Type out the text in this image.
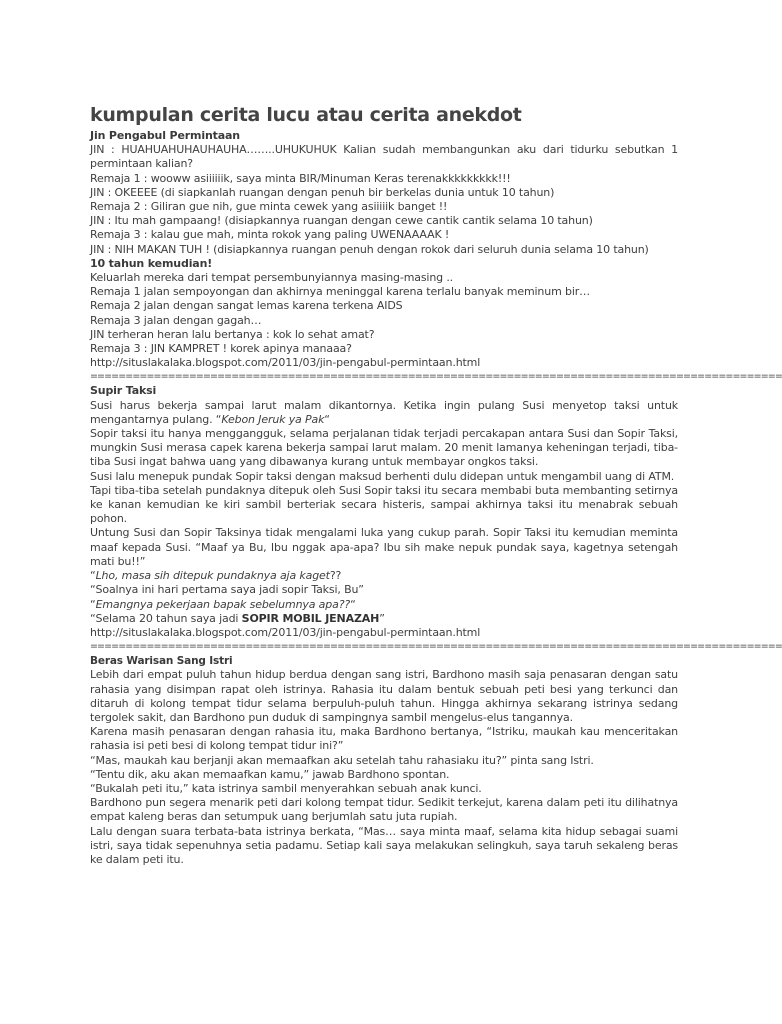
kumpulan cerita lucu atau cerita anekdot

Jin Pengabul Permintaan

JIN : HUAHUAHUHAUHAUHA……..UHUKUHUK Kalian sudah membangunkan aku dari tidurku sebutkan 1 permintaan kalian?

Remaja 1 : wooww asiiiiiik, saya minta BIR/Minuman Keras terenakkkkkkkkk!!!

JIN : OKEEEE (di siapkanlah ruangan dengan penuh bir berkelas dunia untuk 10 tahun)

Remaja 2 : Giliran gue nih, gue minta cewek yang asiiiiik banget !!

JIN : Itu mah gampaang! (disiapkannya ruangan dengan cewe cantik cantik selama 10 tahun)

Remaja 3 : kalau gue mah, minta rokok yang paling UWENAAAAK !

JIN : NIH MAKAN TUH ! (disiapkannya ruangan penuh dengan rokok dari seluruh dunia selama 10 tahun)

10 tahun kemudian!

Keluarlah mereka dari tempat persembunyiannya masing-masing ..

Remaja 1 jalan sempoyongan dan akhirnya meninggal karena terlalu banyak meminum bir…

Remaja 2 jalan dengan sangat lemas karena terkena AIDS

Remaja 3 jalan dengan gagah…

JIN terheran heran lalu bertanya : kok lo sehat amat?

Remaja 3 : JIN KAMPRET ! korek apinya manaaa?

http://situslakalaka.blogspot.com/2011/03/jin-pengabul-permintaan.html

==================================================================================================

Supir Taksi

Susi harus bekerja sampai larut malam dikantornya. Ketika ingin pulang Susi menyetop taksi untuk mengantarnya pulang. “Kebon Jeruk ya Pak“

Sopir taksi itu hanya menggangguk, selama perjalanan tidak terjadi percakapan antara Susi dan Sopir Taksi, mungkin Susi merasa capek karena bekerja sampai larut malam. 20 menit lamanya keheningan terjadi, tiba-tiba Susi ingat bahwa uang yang dibawanya kurang untuk membayar ongkos taksi.

Susi lalu menepuk pundak Sopir taksi dengan maksud berhenti dulu didepan untuk mengambil uang di ATM.

Tapi tiba-tiba setelah pundaknya ditepuk oleh Susi Sopir taksi itu secara membabi buta membanting setirnya ke kanan kemudian ke kiri sambil berteriak secara histeris, sampai akhirnya taksi itu menabrak sebuah pohon.

Untung Susi dan Sopir Taksinya tidak mengalami luka yang cukup parah. Sopir Taksi itu kemudian meminta maaf kepada Susi. “Maaf ya Bu, Ibu nggak apa-apa? Ibu sih make nepuk pundak saya, kagetnya setengah mati bu!!”

“Lho, masa sih ditepuk pundaknya aja kaget??

“Soalnya ini hari pertama saya jadi sopir Taksi, Bu”

“Emangnya pekerjaan bapak sebelumnya apa??“

“Selama 20 tahun saya jadi SOPIR MOBIL JENAZAH”

http://situslakalaka.blogspot.com/2011/03/jin-pengabul-permintaan.html

==================================================================================================

Beras Warisan Sang Istri

Lebih dari empat puluh tahun hidup berdua dengan sang istri, Bardhono masih saja penasaran dengan satu rahasia yang disimpan rapat oleh istrinya. Rahasia itu dalam bentuk sebuah peti besi yang terkunci dan ditaruh di kolong tempat tidur selama berpuluh-puluh tahun. Hingga akhirnya sekarang istrinya sedang tergolek sakit, dan Bardhono pun duduk di sampingnya sambil mengelus-elus tangannya.

Karena masih penasaran dengan rahasia itu, maka Bardhono bertanya, “Istriku, maukah kau menceritakan rahasia isi peti besi di kolong tempat tidur ini?”

“Mas, maukah kau berjanji akan memaafkan aku setelah tahu rahasiaku itu?” pinta sang Istri.

“Tentu dik, aku akan memaafkan kamu,” jawab Bardhono spontan.

“Bukalah peti itu,” kata istrinya sambil menyerahkan sebuah anak kunci.

Bardhono pun segera menarik peti dari kolong tempat tidur. Sedikit terkejut, karena dalam peti itu dilihatnya empat kaleng beras dan setumpuk uang berjumlah satu juta rupiah.

Lalu dengan suara terbata-bata istrinya berkata, “Mas… saya minta maaf, selama kita hidup sebagai suami istri, saya tidak sepenuhnya setia padamu. Setiap kali saya melakukan selingkuh, saya taruh sekaleng beras ke dalam peti itu.
